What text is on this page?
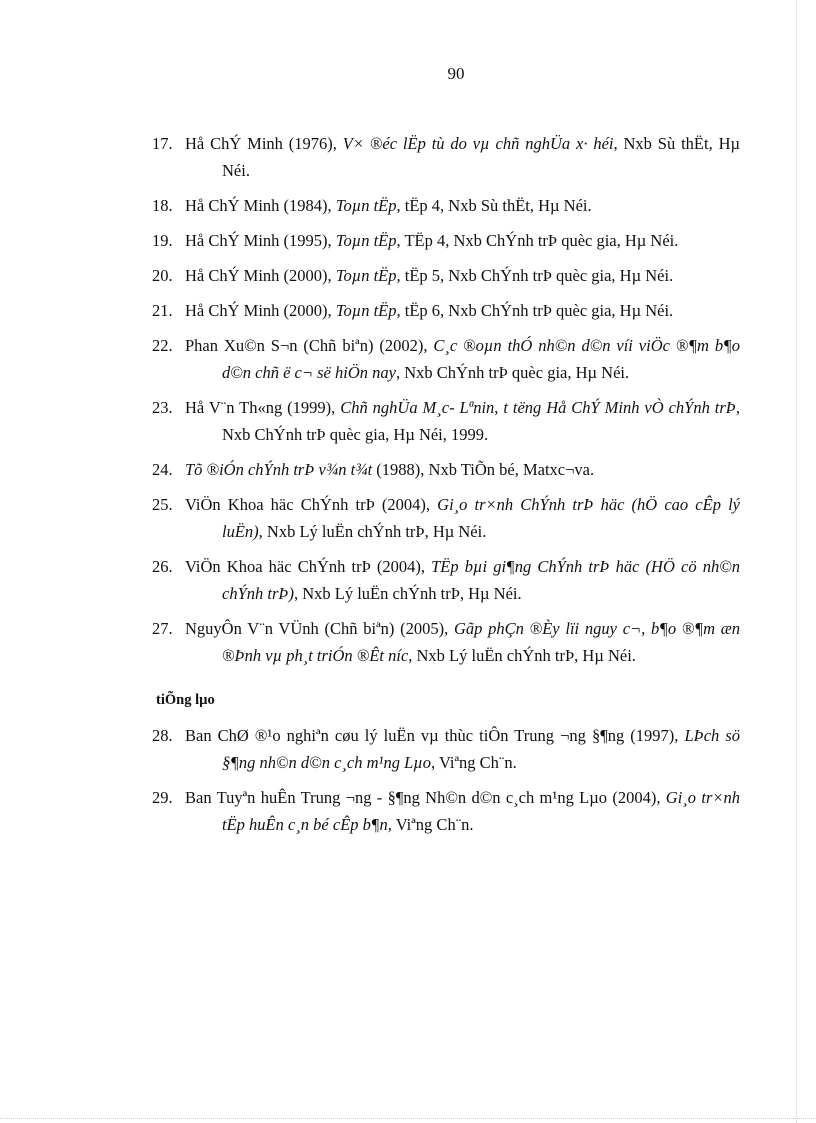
90
17. Hå ChÝ Minh (1976), V× ®éc lËp tù do vµ chñ nghÜa x· héi, Nxb Sù thËt, Hµ Néi.
18. Hå ChÝ Minh (1984), Toµn tËp, tËp 4, Nxb Sù thËt, Hµ Néi.
19. Hå ChÝ Minh (1995), Toµn tËp, TËp 4, Nxb ChÝnh trÞ quèc gia, Hµ Néi.
20. Hå ChÝ Minh (2000), Toµn tËp, tËp 5, Nxb ChÝnh trÞ quèc gia, Hµ Néi.
21. Hå ChÝ Minh (2000), Toµn tËp, tËp 6, Nxb ChÝnh trÞ quèc gia, Hµ Néi.
22. Phan Xu©n S¬n (Chñ biªn) (2002), C¸c ®oµn thÓ nh©n d©n víi viÖc ®¶m b¶o d©n chñ ë c¬ së hiÖn nay, Nxb ChÝnh trÞ quèc gia, Hµ Néi.
23. Hå V¨n Th«ng (1999), Chñ nghÜa M¸c- Lªnin, t tëng Hå ChÝ Minh vÒ chÝnh trÞ, Nxb ChÝnh trÞ quèc gia, Hµ Néi, 1999.
24. Tõ ®iÓn chÝnh trÞ v¾n t¾t (1988), Nxb TiÕn bé, Matxc¬va.
25. ViÖn Khoa häc ChÝnh trÞ (2004), Gi¸o tr×nh ChÝnh trÞ häc (hÖ cao cÊp lý luËn), Nxb Lý luËn chÝnh trÞ, Hµ Néi.
26. ViÖn Khoa häc ChÝnh trÞ (2004), TËp bµi gi¶ng ChÝnh trÞ häc (HÖ cö nh©n chÝnh trÞ), Nxb Lý luËn chÝnh trÞ, Hµ Néi.
27. NguyÔn V¨n VÜnh (Chñ biªn) (2005), Gãp phÇn ®Èy lïi nguy c¬, b¶o ®¶m æn ®Þnh vµ ph¸t triÓn ®Êt níc, Nxb Lý luËn chÝnh trÞ, Hµ Néi.
tiÕng lµo
28. Ban ChØ ®¹o nghiªn cøu lý luËn vµ thùc tiÔn Trung ¬ng §¶ng (1997), LÞch sö §¶ng nh©n d©n c¸ch m¹ng Lµo, Viªng Ch¨n.
29. Ban Tuyªn huÊn Trung ¬ng - §¶ng Nh©n d©n c¸ch m¹ng Lµo (2004), Gi¸o tr×nh tËp huÊn c¸n bé cÊp b¶n, Viªng Ch¨n.
